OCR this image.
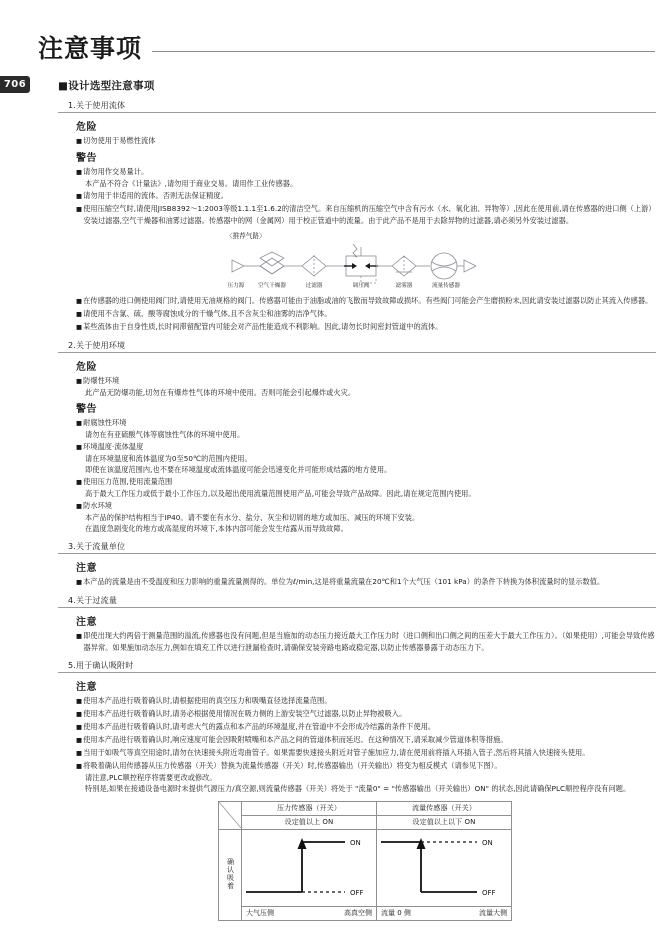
706
注意事项
■设计选型注意事项
1.关于使用流体
危险
■ 切勿使用于易燃性流体
警告
■ 请勿用作交易量计。
本产品不符合《计量法》,请勿用于商业交易。请用作工业传感器。
■ 请勿用于非适用的流体。否则无法保证精度。
■ 使用压缩空气时,请使用JISB8392～1:2003等级1.1.1至1.6.2的清洁空气。来自压缩机的压缩空气中含有污水（水、氧化油、异物等）,因此在使用前,请在传感器的进口侧（上游）安装过滤器,空气干燥器和油雾过滤器。传感器中的网（金属网）用于校正管道中的流量。由于此产品不是用于去除异物的过滤器,请必须另外安装过滤器。
〈推荐气路〉
压力源 空气干燥器	过滤器	调压阀	滤雾器	流量传感器
■ 在传感器的进口侧使用阀门时,请使用无油规格的阀门。传感器可能由于油脂或油的飞散而导致故障或损坏。有些阀门可能会产生磨损粉末,因此请安装过滤器以防止其流入传感器。
■ 请使用不含氯、硫、酸等腐蚀成分的干燥气体,且不含灰尘和油雾的洁净气体。
■ 某些流体由于自身性质,长时间滞留配管内可能会对产品性能造成不利影响。因此,请勿长时间密封管道中的流体。
2.关于使用环境
危险
■ 防爆性环境
此产品无防爆功能,切勿在有爆炸性气体的环境中使用。否则可能会引起爆炸或火灾。
警告
■ 耐腐蚀性环境
请勿在有亚硫酸气体等腐蚀性气体的环境中使用。
■ 环境温度·流体温度
请在环境温度和流体温度为0至50℃的范围内使用。
即使在该温度范围内,也不要在环境温度或流体温度可能会迅速变化并可能形成结露的地方使用。
■ 使用压力范围,使用流量范围
高于最大工作压力或低于最小工作压力,以及超出使用流量范围使用产品,可能会导致产品故障。因此,请在规定范围内使用。
■ 防水环境
本产品的保护结构相当于IP40。请不要在有水分、盐分、灰尘和切屑的地方或加压、减压的环境下安装。
在温度急剧变化的地方或高湿度的环境下,本体内部可能会发生结露从而导致故障。
3.关于流量单位
注意
■ 本产品的流量是由不受温度和压力影响的重量流量测得的。单位为ℓ/min,这是将重量流量在20℃和1个大气压（101 kPa）的条件下转换为体积流量时的显示数值。
4.关于过流量
注意
■ 即使出现大约两倍于测量范围的溢流,传感器也没有问题,但是当施加的动态压力接近最大工作压力时（进口侧和出口侧之间的压差大于最大工作压力）。（如果使用）,可能会导致传感器异常。如果施加动态压力,例如在填充工件以进行泄漏检查时,请确保安装旁路电路或稳定器,以防止传感器暴露于动态压力下。
5.用于确认吸附时
注意
■ 使用本产品进行吸着确认时,请根据使用的真空压力和吸嘴直径选择流量范围。
■ 使用本产品进行吸着确认时,请务必根据使用情况在吸力侧的上游安装空气过滤器,以防止异物被吸入。
■ 使用本产品进行吸着确认时,请考虑大气的露点和本产品的环境温度,并在管道中不会形成冷结露的条件下使用。
■ 使用本产品进行吸着确认时,响应速度可能会因吸附喷嘴和本产品之间的管道体积而延迟。在这种情况下,请采取减少管道体积等措施。
■ 当用于如吸气等真空用途时,请勿在快速接头附近弯曲管子。如果需要快速接头附近对管子施加应力,请在使用前将插入环插入管子,然后将其插入快速接头使用。
■ 将吸着确认用传感器从压力传感器（开关）替换为流量传感器（开关）时,传感器输出（开关输出）将变为相反模式（请参见下图）。
请注意,PLC顺控程序将需要更改或修改。
特别是,如果在接通设备电源时未提供气源压力/真空源,则流量传感器（开关）将处于 "流量0" = "传感器输出（开关输出）ON" 的状态,因此请确保PLC顺控程序没有问题。
	压力传感器（开关）	流量传感器（开关）
	设定值以上 ON	设定值以上以下 ON
确认吸着	ON
OFF	ON
OFF

	大气压侧 高真空侧	流量 0 侧 流量大侧
